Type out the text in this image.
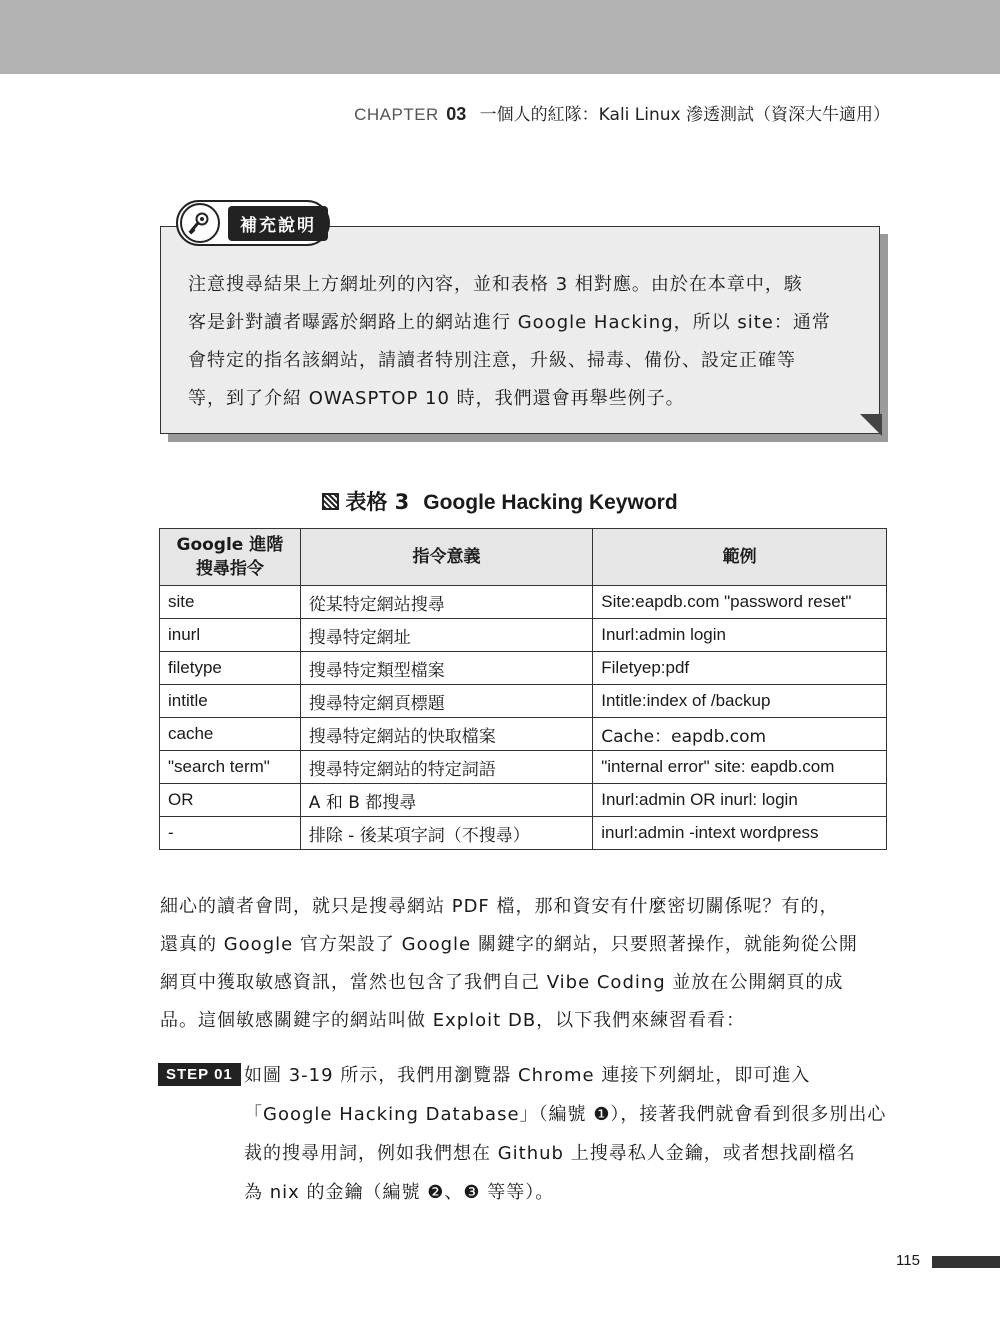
CHAPTER 03 一個人的紅隊：Kali Linux 滲透測試（資深大牛適用）
補充說明

注意搜尋結果上方網址列的內容，並和表格 3 相對應。由於在本章中，駭

客是針對讀者曝露於網路上的網站進行 Google Hacking，所以 site：通常

會特定的指名該網站，請讀者特別注意，升級、掃毒、備份、設定正確等

等，到了介紹 OWASPTOP 10 時，我們還會再舉些例子。

表格 3 Google Hacking Keyword
Google 進階
搜尋指令	指令意義	範例
site	從某特定網站搜尋	Site:eapdb.com "password reset"
inurl	搜尋特定網址	Inurl:admin login
filetype	搜尋特定類型檔案	Filetyep:pdf
intitle	搜尋特定網頁標題	Intitle:index of /backup
cache	搜尋特定網站的快取檔案	Cache：eapdb.com
"search term"	搜尋特定網站的特定詞語	"internal error" site: eapdb.com
OR	A 和 B 都搜尋	Inurl:admin OR inurl: login
-	排除 - 後某項字詞（不搜尋）	inurl:admin -intext wordpress

細心的讀者會問，就只是搜尋網站 PDF 檔，那和資安有什麼密切關係呢？有的，

還真的 Google 官方架設了 Google 關鍵字的網站，只要照著操作，就能夠從公開

網頁中獲取敏感資訊，當然也包含了我們自己 Vibe Coding 並放在公開網頁的成

品。這個敏感關鍵字的網站叫做 Exploit DB，以下我們來練習看看：

STEP 01 如圖 3-19 所示，我們用瀏覽器 Chrome 連接下列網址，即可進入

「Google Hacking Database」（編號 ❶），接著我們就會看到很多別出心

裁的搜尋用詞，例如我們想在 Github 上搜尋私人金鑰，或者想找副檔名

為 nix 的金鑰（編號 ❷、❸ 等等）。

115
